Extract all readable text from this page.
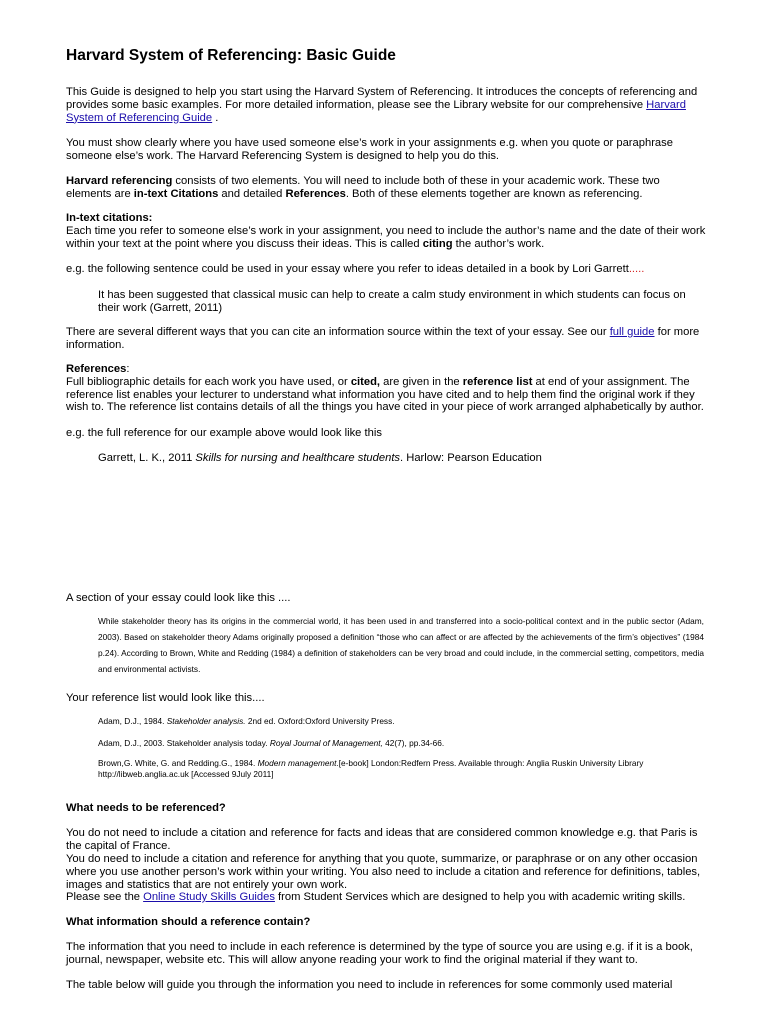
Harvard System of Referencing: Basic Guide

This Guide is designed to help you start using the Harvard System of Referencing. It introduces the concepts of referencing and provides some basic examples. For more detailed information, please see the Library website for our comprehensive Harvard System of Referencing Guide .

You must show clearly where you have used someone else’s work in your assignments e.g. when you quote or paraphrase someone else’s work. The Harvard Referencing System is designed to help you do this.

Harvard referencing consists of two elements. You will need to include both of these in your academic work. These two elements are in-text Citations and detailed References. Both of these elements together are known as referencing.

In-text citations:
Each time you refer to someone else’s work in your assignment, you need to include the author’s name and the date of their work within your text at the point where you discuss their ideas. This is called citing the author’s work.

e.g. the following sentence could be used in your essay where you refer to ideas detailed in a book by Lori Garrett.....

It has been suggested that classical music can help to create a calm study environment in which students can focus on their work (Garrett, 2011)

There are several different ways that you can cite an information source within the text of your essay. See our full guide for more information.

References:
Full bibliographic details for each work you have used, or cited, are given in the reference list at end of your assignment. The reference list enables your lecturer to understand what information you have cited and to help them find the original work if they wish to. The reference list contains details of all the things you have cited in your piece of work arranged alphabetically by author.

e.g. the full reference for our example above would look like this

Garrett, L. K., 2011 Skills for nursing and healthcare students. Harlow: Pearson Education

A section of your essay could look like this ....

While stakeholder theory has its origins in the commercial world, it has been used in and transferred into a socio-political context and in the public sector (Adam, 2003). Based on stakeholder theory Adams originally proposed a definition “those who can affect or are affected by the achievements of the firm’s objectives” (1984 p.24). According to Brown, White and Redding (1984) a definition of stakeholders can be very broad and could include, in the commercial setting, competitors, media and environmental activists.

Your reference list would look like this....

Adam, D.J., 1984. Stakeholder analysis. 2nd ed. Oxford:Oxford University Press.

Adam, D.J., 2003. Stakeholder analysis today. Royal Journal of Management, 42(7), pp.34-66.

Brown,G. White, G. and Redding.G., 1984. Modern management.[e-book] London:Redfern Press. Available through: Anglia Ruskin University Library http://libweb.anglia.ac.uk [Accessed 9July 2011]

What needs to be referenced?

You do not need to include a citation and reference for facts and ideas that are considered common knowledge e.g. that Paris is the capital of France.

You do need to include a citation and reference for anything that you quote, summarize, or paraphrase or on any other occasion where you use another person’s work within your writing. You also need to include a citation and reference for definitions, tables, images and statistics that are not entirely your own work.

Please see the Online Study Skills Guides from Student Services which are designed to help you with academic writing skills.

What information should a reference contain?

The information that you need to include in each reference is determined by the type of source you are using e.g. if it is a book, journal, newspaper, website etc. This will allow anyone reading your work to find the original material if they want to.

The table below will guide you through the information you need to include in references for some commonly used material
